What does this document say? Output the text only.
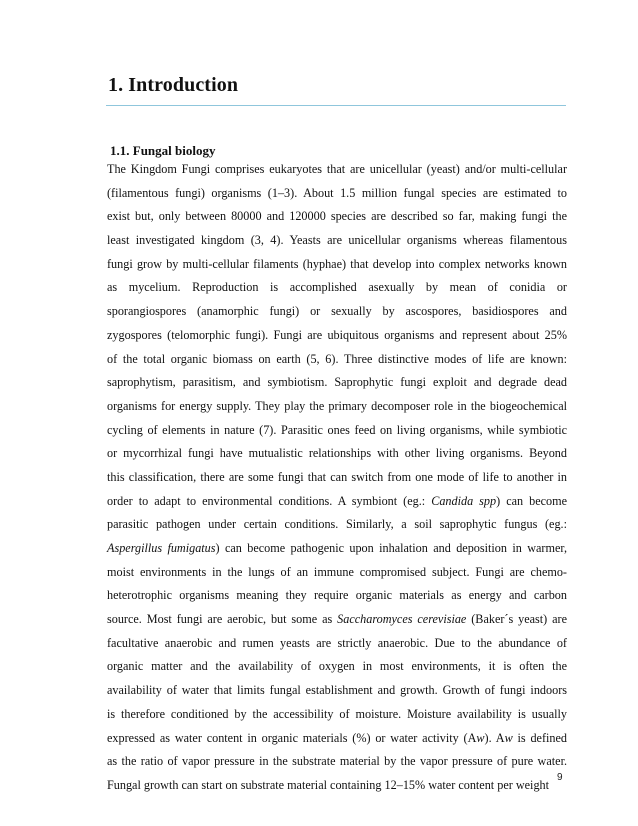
1. Introduction
1.1. Fungal biology
The Kingdom Fungi comprises eukaryotes that are unicellular (yeast) and/or multi-cellular
(filamentous fungi) organisms (1–3). About 1.5 million fungal species are estimated to
exist but, only between 80000 and 120000 species are described so far, making fungi the
least investigated kingdom (3, 4). Yeasts are unicellular organisms whereas filamentous
fungi grow by multi-cellular filaments (hyphae) that develop into complex networks known
as mycelium. Reproduction is accomplished asexually by mean of conidia or
sporangiospores (anamorphic fungi) or sexually by ascospores, basidiospores and
zygospores (telomorphic fungi). Fungi are ubiquitous organisms and represent about 25%
of the total organic biomass on earth (5, 6). Three distinctive modes of life are known:
saprophytism, parasitism, and symbiotism. Saprophytic fungi exploit and degrade dead
organisms for energy supply. They play the primary decomposer role in the biogeochemical
cycling of elements in nature (7). Parasitic ones feed on living organisms, while symbiotic
or mycorrhizal fungi have mutualistic relationships with other living organisms. Beyond
this classification, there are some fungi that can switch from one mode of life to another in
order to adapt to environmental conditions. A symbiont (eg.: Candida spp) can become
parasitic pathogen under certain conditions. Similarly, a soil saprophytic fungus (eg.:
Aspergillus fumigatus) can become pathogenic upon inhalation and deposition in warmer,
moist environments in the lungs of an immune compromised subject. Fungi are chemo-
heterotrophic organisms meaning they require organic materials as energy and carbon
source. Most fungi are aerobic, but some as Saccharomyces cerevisiae (Baker´s yeast) are
facultative anaerobic and rumen yeasts are strictly anaerobic. Due to the abundance of
organic matter and the availability of oxygen in most environments, it is often the
availability of water that limits fungal establishment and growth. Growth of fungi indoors
is therefore conditioned by the accessibility of moisture. Moisture availability is usually
expressed as water content in organic materials (%) or water activity (Aw). Aw is defined
as the ratio of vapor pressure in the substrate material by the vapor pressure of pure water.
Fungal growth can start on substrate material containing 12–15% water content per weight
9
